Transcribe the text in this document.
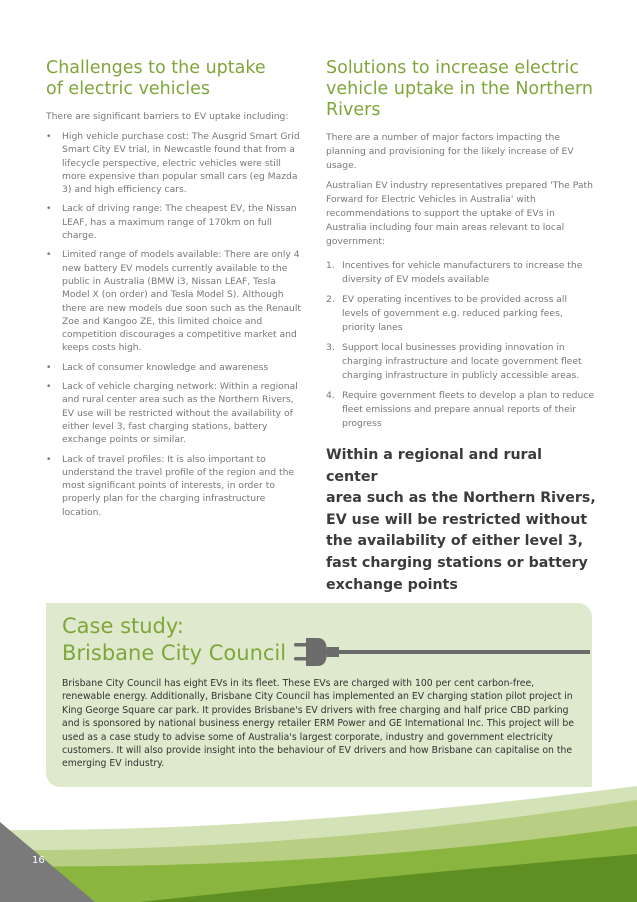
Challenges to the uptake
of electric vehicles

There are significant barriers to EV uptake including:

• High vehicle purchase cost: The Ausgrid Smart Grid Smart City EV trial, in Newcastle found that from a lifecycle perspective, electric vehicles were still more expensive than popular small cars (eg Mazda 3) and high efficiency cars.
• Lack of driving range: The cheapest EV, the Nissan LEAF, has a maximum range of 170km on full charge.
• Limited range of models available: There are only 4 new battery EV models currently available to the public in Australia (BMW i3, Nissan LEAF, Tesla Model X (on order) and Tesla Model S). Although there are new models due soon such as the Renault Zoe and Kangoo ZE, this limited choice and competition discourages a competitive market and keeps costs high.
• Lack of consumer knowledge and awareness
• Lack of vehicle charging network: Within a regional and rural center area such as the Northern Rivers, EV use will be restricted without the availability of either level 3, fast charging stations, battery exchange points or similar.
• Lack of travel profiles: It is also important to understand the travel profile of the region and the most significant points of interests, in order to properly plan for the charging infrastructure location.
Solutions to increase electric
vehicle uptake in the Northern
Rivers

There are a number of major factors impacting the planning and provisioning for the likely increase of EV usage.

Australian EV industry representatives prepared 'The Path Forward for Electric Vehicles in Australia' with recommendations to support the uptake of EVs in Australia including four main areas relevant to local government:

1. Incentives for vehicle manufacturers to increase the diversity of EV models available
2. EV operating incentives to be provided across all levels of government e.g. reduced parking fees, priority lanes
3. Support local businesses providing innovation in charging infrastructure and locate government fleet charging infrastructure in publicly accessible areas.
4. Require government fleets to develop a plan to reduce fleet emissions and prepare annual reports of their progress
Within a regional and rural center
area such as the Northern Rivers,
EV use will be restricted without
the availability of either level 3,
fast charging stations or battery
exchange points
Case study:
Brisbane City Council
Brisbane City Council has eight EVs in its fleet. These EVs are charged with 100 per cent carbon-free, renewable energy. Additionally, Brisbane City Council has implemented an EV charging station pilot project in King George Square car park. It provides Brisbane's EV drivers with free charging and half price CBD parking and is sponsored by national business energy retailer ERM Power and GE International Inc. This project will be used as a case study to advise some of Australia's largest corporate, industry and government electricity customers. It will also provide insight into the behaviour of EV drivers and how Brisbane can capitalise on the emerging EV industry.
16
